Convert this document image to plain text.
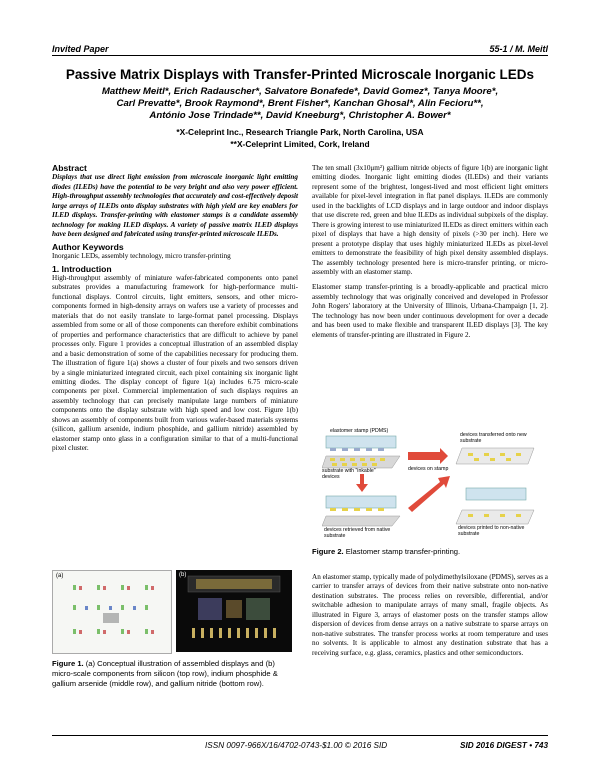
Invited Paper	55-1 / M. Meitl
Passive Matrix Displays with Transfer-Printed Microscale Inorganic LEDs
Matthew Meitl*, Erich Radauscher*, Salvatore Bonafede*, David Gomez*, Tanya Moore*,
Carl Prevatte*, Brook Raymond*, Brent Fisher*, Kanchan Ghosal*, Alin Fecioru**,
António Jose Trindade**, David Kneeburg*, Christopher A. Bower*
*X-Celeprint Inc., Research Triangle Park, North Carolina, USA
**X-Celeprint Limited, Cork, Ireland
Abstract
Displays that use direct light emission from microscale inorganic light emitting diodes (ILEDs) have the potential to be very bright and also very power efficient. High-throughput assembly technologies that accurately and cost-effectively deposit large arrays of ILEDs onto display substrates with high yield are key enablers for ILED displays. Transfer-printing with elastomer stamps is a candidate assembly technology for making ILED displays. A variety of passive matrix ILED displays have been designed and fabricated using transfer-printed microscale ILEDs.
Author Keywords
Inorganic LEDs, assembly technology, micro transfer-printing
1. Introduction
High-throughput assembly of miniature wafer-fabricated components onto panel substrates provides a manufacturing framework for high-performance multi-functional displays. Control circuits, light emitters, sensors, and other micro-components formed in high-density arrays on wafers use a variety of processes and materials that do not easily translate to large-format panel processing. Displays assembled from some or all of those components can therefore exhibit combinations of properties and performance characteristics that are difficult to achieve by panel processes only. Figure 1 provides a conceptual illustration of an assembled display and a basic demonstration of some of the capabilities necessary for producing them. The illustration of figure 1(a) shows a cluster of four pixels and two sensors driven by a single miniaturized integrated circuit, each pixel containing six inorganic light emitting diodes. The display concept of figure 1(a) includes 6.75 micro-scale components per pixel. Commercial implementation of such displays requires an assembly technology that can precisely manipulate large numbers of miniature components onto the display substrate with high speed and low cost. Figure 1(b) shows an assembly of components built from various wafer-based materials systems (silicon, gallium arsenide, indium phosphide, and gallium nitride) assembled by elastomer stamp onto glass in a configuration similar to that of a multi-functional pixel cluster.
(a)	(b)
Figure 1. (a) Conceptual illustration of assembled displays and (b) micro-scale components from silicon (top row), indium phosphide & gallium arsenide (middle row), and gallium nitride (bottom row).
The ten small (3x10μm²) gallium nitride objects of figure 1(b) are inorganic light emitting diodes. Inorganic light emitting diodes (ILEDs) and their variants represent some of the brightest, longest-lived and most efficient light emitters available for pixel-level integration in flat panel displays. ILEDs are commonly used in the backlights of LCD displays and in large outdoor and indoor displays that use discrete red, green and blue ILEDs as individual subpixels of the display. There is growing interest to use miniaturized ILEDs as direct emitters within each pixel of displays that have a high density of pixels (>30 per inch). Here we present a prototype display that uses highly miniaturized ILEDs as pixel-level emitters to demonstrate the feasibility of high pixel density assembled displays. The assembly technology presented here is micro-transfer printing, or micro-assembly with an elastomer stamp.
Elastomer stamp transfer-printing is a broadly-applicable and practical micro assembly technology that was originally conceived and developed in Professor John Rogers' laboratory at the University of Illinois, Urbana-Champaign [1, 2]. The technology has now been under continuous development for over a decade and has been used to make flexible and transparent ILED displays [3]. The key elements of transfer-printing are illustrated in Figure 2.
elastomer stamp (PDMS)
substrate with "inkable" devices
devices on stamp
devices transferred onto new substrate
devices retrieved from native substrate
devices printed to non-native substrate
Figure 2. Elastomer stamp transfer-printing.
An elastomer stamp, typically made of polydimethylsiloxane (PDMS), serves as a carrier to transfer arrays of devices from their native substrate onto non-native destination substrates. The process relies on reversible, differential, and/or switchable adhesion to manipulate arrays of many small, fragile objects. As illustrated in Figure 3, arrays of elastomer posts on the transfer stamps allow dispersion of devices from dense arrays on a native substrate to sparse arrays on non-native substrates. The transfer process works at room temperature and uses no solvents. It is applicable to almost any destination substrate that has a receiving surface, e.g. glass, ceramics, plastics and other semiconductors.
ISSN 0097-966X/16/4702-0743-$1.00 © 2016 SID	SID 2016 DIGEST • 743
